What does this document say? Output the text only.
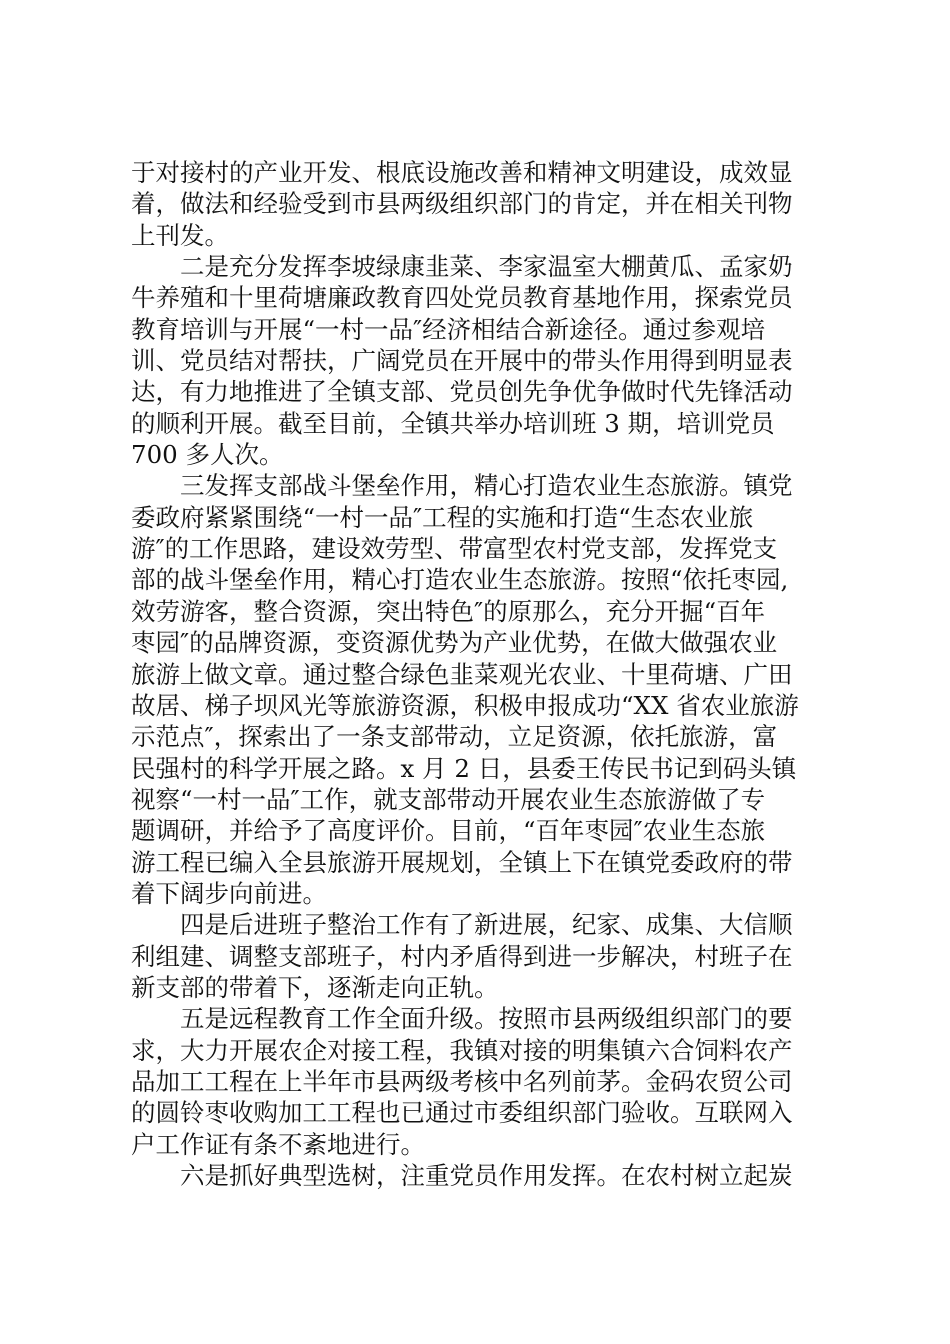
于对接村的产业开发、根底设施改善和精神文明建设，成效显
着，做法和经验受到市县两级组织部门的肯定，并在相关刊物
上刊发。
二是充分发挥李坡绿康韭菜、李家温室大棚黄瓜、孟家奶
牛养殖和十里荷塘廉政教育四处党员教育基地作用，探索党员
教育培训与开展“一村一品″经济相结合新途径。通过参观培
训、党员结对帮扶，广阔党员在开展中的带头作用得到明显表
达，有力地推进了全镇支部、党员创先争优争做时代先锋活动
的顺利开展。截至目前，全镇共举办培训班 3 期，培训党员
700 多人次。
三发挥支部战斗堡垒作用，精心打造农业生态旅游。镇党
委政府紧紧围绕“一村一品″工程的实施和打造“生态农业旅
游″的工作思路，建设效劳型、带富型农村党支部，发挥党支
部的战斗堡垒作用，精心打造农业生态旅游。按照“依托枣园,
效劳游客，整合资源，突出特色″的原那么，充分开掘“百年
枣园″的品牌资源，变资源优势为产业优势，在做大做强农业
旅游上做文章。通过整合绿色韭菜观光农业、十里荷塘、广田
故居、梯子坝风光等旅游资源，积极申报成功“XX 省农业旅游
示范点″，探索出了一条支部带动，立足资源，依托旅游，富
民强村的科学开展之路。x 月 2 日，县委王传民书记到码头镇
视察“一村一品″工作，就支部带动开展农业生态旅游做了专
题调研，并给予了高度评价。目前，“百年枣园″农业生态旅
游工程已编入全县旅游开展规划，全镇上下在镇党委政府的带
着下阔步向前进。
四是后进班子整治工作有了新进展，纪家、成集、大信顺
利组建、调整支部班子，村内矛盾得到进一步解决，村班子在
新支部的带着下，逐渐走向正轨。
五是远程教育工作全面升级。按照市县两级组织部门的要
求，大力开展农企对接工程，我镇对接的明集镇六合饲料农产
品加工工程在上半年市县两级考核中名列前茅。金码农贸公司
的圆铃枣收购加工工程也已通过市委组织部门验收。互联网入
户工作证有条不紊地进行。
六是抓好典型选树，注重党员作用发挥。在农村树立起炭
